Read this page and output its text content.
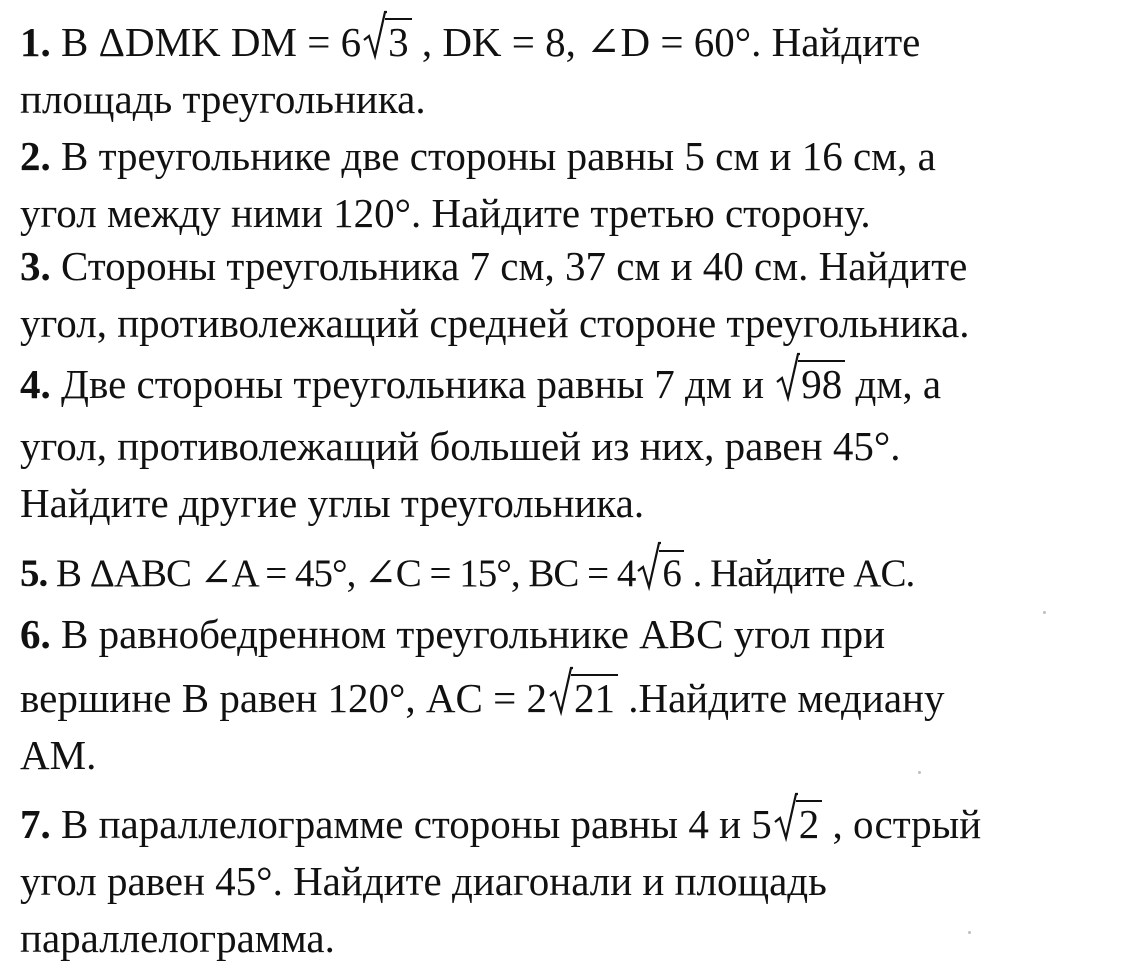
1. В ΔDMK DM = 6 3 , DK = 8, ∠D = 60°. Найдите
площадь треугольника.
2. В треугольнике две стороны равны 5 см и 16 см, а
угол между ними 120°. Найдите третью сторону.
3. Стороны треугольника 7 см, 37 см и 40 см. Найдите
угол, противолежащий средней стороне треугольника.
4. Две стороны треугольника равны 7 дм и 98 дм, а
угол, противолежащий большей из них, равен 45°.
Найдите другие углы треугольника.
5. В ΔABC ∠A = 45°, ∠C = 15°, BC = 4 6 . Найдите AC.
6. В равнобедренном треугольнике ABC угол при
вершине B равен 120°, AC = 2 21 .Найдите медиану
AM.
7. В параллелограмме стороны равны 4 и 5 2 , острый
угол равен 45°. Найдите диагонали и площадь
параллелограмма.
